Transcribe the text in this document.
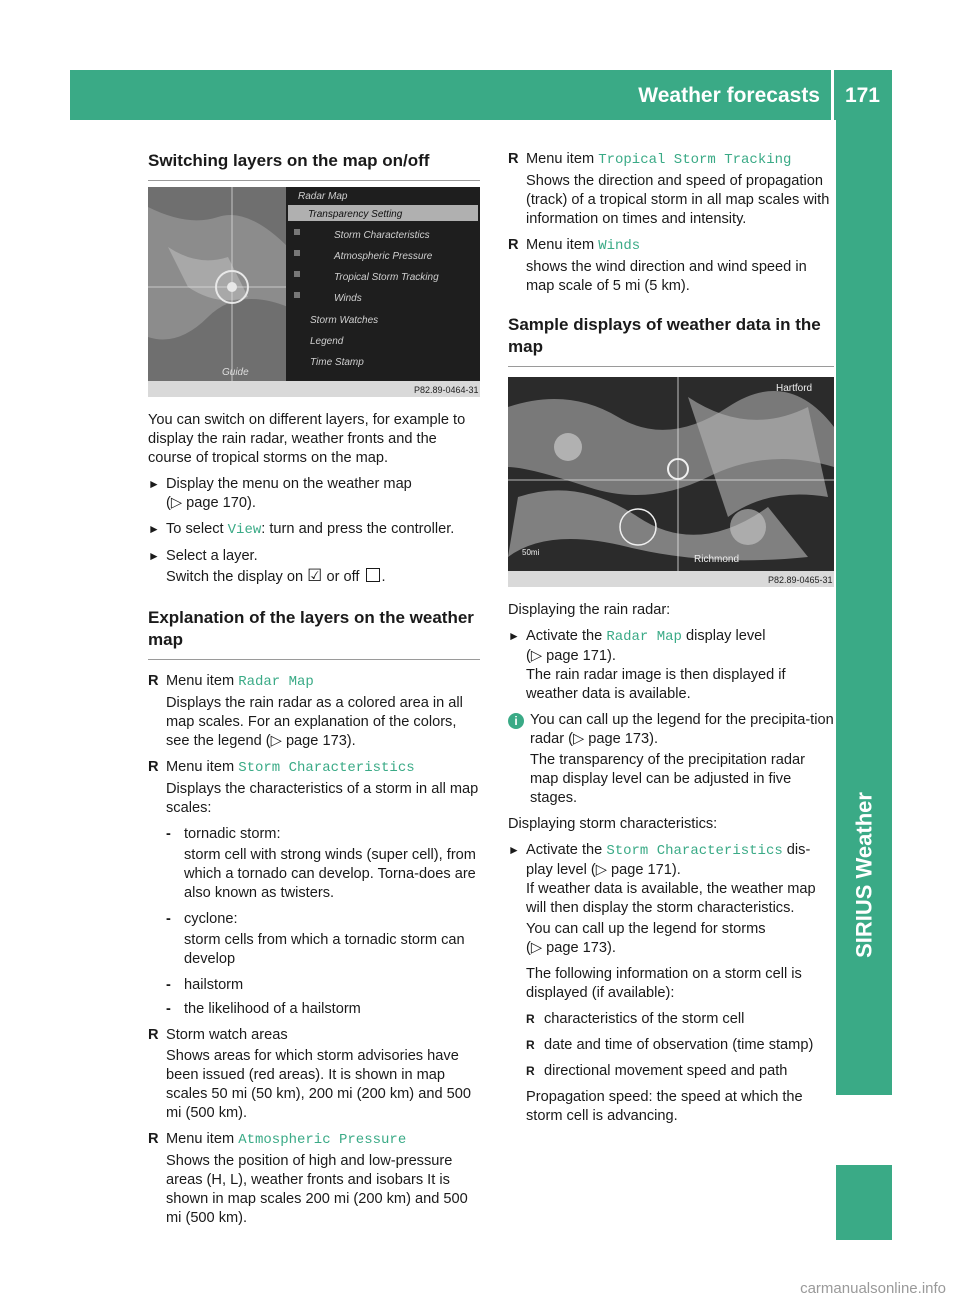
Weather forecasts 171
SIRIUS Weather
Switching layers on the map on/off
Radar Map
Transparency Setting
Storm Characteristics
Atmospheric Pressure
Tropical Storm Tracking
Winds
Storm Watches
Legend
Time Stamp
Guide
P82.89-0464-31

You can switch on different layers, for example to display the rain radar, weather fronts and the course of tropical storms on the map.

► Display the menu on the weather map
(▷ page 170).
► To select View: turn and press the controller.
► Select a layer.
Switch the display on ☑ or off .
Explanation of the layers on the weather map
R Menu item Radar Map
Displays the rain radar as a colored area in all map scales. For an explanation of the colors, see the legend (▷ page 173).
R Menu item Storm Characteristics
Displays the characteristics of a storm in all map scales:
- tornadic storm:
storm cell with strong winds (super cell), from which a tornado can develop. Torna-does are also known as twisters.
- cyclone:
storm cells from which a tornadic storm can develop
- hailstorm
- the likelihood of a hailstorm
R Storm watch areas
Shows areas for which storm advisories have been issued (red areas). It is shown in map scales 50 mi (50 km), 200 mi (200 km) and 500 mi (500 km).
R Menu item Atmospheric Pressure
Shows the position of high and low-pressure areas (H, L), weather fronts and isobars It is shown in map scales 200 mi (200 km) and 500 mi (500 km).
R Menu item Tropical Storm Tracking
Shows the direction and speed of propagation (track) of a tropical storm in all map scales with information on times and intensity.
R Menu item Winds
shows the wind direction and wind speed in map scale of 5 mi (5 km).
Sample displays of weather data in the map
Hartford
Richmond
50mi
P82.89-0465-31

Displaying the rain radar:

► Activate the Radar Map display level
(▷ page 171).
The rain radar image is then displayed if weather data is available.
i You can call up the legend for the precipita-tion radar (▷ page 173).
The transparency of the precipitation radar map display level can be adjusted in five stages.

Displaying storm characteristics:

► Activate the Storm Characteristics dis-play level (▷ page 171).
If weather data is available, the weather map will then display the storm characteristics.
You can call up the legend for storms
(▷ page 173).
The following information on a storm cell is displayed (if available):
R characteristics of the storm cell
R date and time of observation (time stamp)
R directional movement speed and path
Propagation speed: the speed at which the storm cell is advancing.
carmanualsonline.info
